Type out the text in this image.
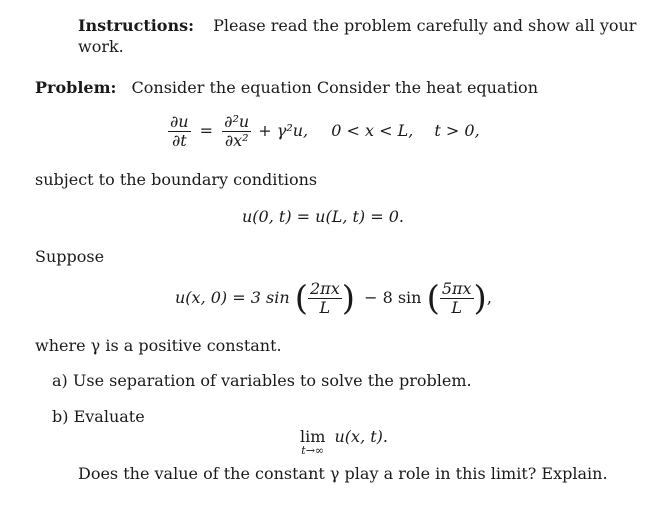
Instructions: Please read the problem carefully and show all your
work.
Problem: Consider the equation Consider the heat equation
$\frac{\partial u}{\partial t} = \frac{\text{∂²u}}{\text{∂x²}} + \gamma^2u$, 0 < x < L, t > 0,
subject to the boundary conditions
u(0, t) = u(L, t) = 0.
Suppose
u(x, 0) = 3 sin ( $\frac{2\pi x}{L}$ ) − 8 sin ( $\frac{5\pi x}{L}$ ),
where γ is a positive constant.
a) Use separation of variables to solve the problem.
b) Evaluate
lim
t→∞
u(x, t).
Does the value of the constant γ play a role in this limit? Explain.
